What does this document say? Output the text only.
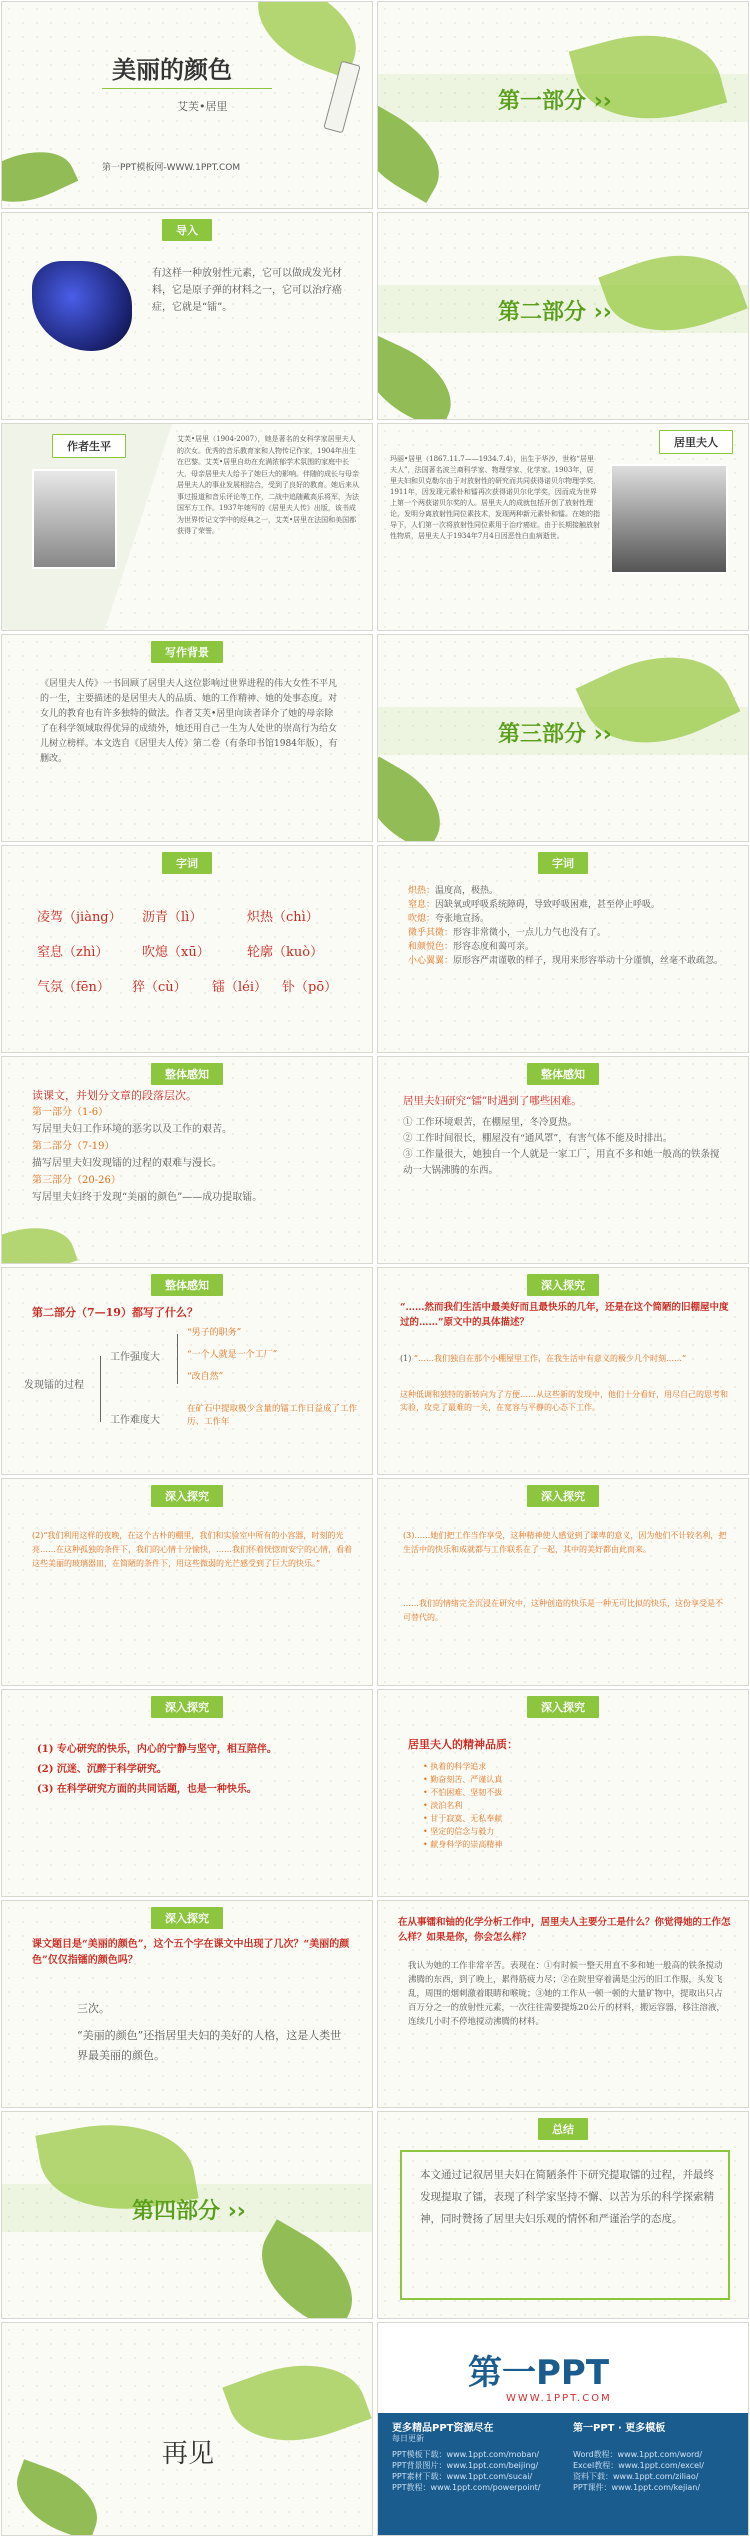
美丽的颜色
艾芙•居里
第一PPT模板网-WWW.1PPT.COM
第一部分 ››
导入
有这样一种放射性元素，它可以做成发光材料，它是原子弹的材料之一，它可以治疗癌症，它就是“镭”。	第二部分 ››
作者生平
艾芙•居里（1904-2007），她是著名的女科学家居里夫人的次女。优秀的音乐教育家和人物传记作家，1904年出生在巴黎。艾芙•居里自幼在充满浓郁学术氛围的家庭中长大，母亲居里夫人给予了她巨大的影响。伴随的成长与母亲居里夫人的事业发展相结合，受到了良好的教育。她后来从事过报道和音乐评论等工作，二战中追随戴高乐将军，为法国军方工作。1937年她写的《居里夫人传》出版，该书成为世界传记文学中的经典之一，艾芙•居里在法国和美国都获得了荣誉。
居里夫人
玛丽•居里（1867.11.7——1934.7.4），出生于华沙，世称“居里夫人”，法国著名波兰裔科学家、物理学家、化学家。1903年，居里夫妇和贝克勒尔由于对放射性的研究而共同获得诺贝尔物理学奖，1911年，因发现元素钋和镭再次获得诺贝尔化学奖，因而成为世界上第一个两获诺贝尔奖的人。居里夫人的成就包括开创了放射性理论，发明分离放射性同位素技术，发现两种新元素钋和镭。在她的指导下，人们第一次将放射性同位素用于治疗癌症。由于长期接触放射性物质，居里夫人于1934年7月4日因恶性白血病逝世。
写作背景
《居里夫人传》一书回顾了居里夫人这位影响过世界进程的伟大女性不平凡的一生，主要描述的是居里夫人的品质、她的工作精神、她的处事态度。对女儿的教育也有许多独特的做法。作者艾芙•居里向读者译介了她的母亲除了在科学领域取得优异的成绩外，她还用自己一生为人处世的崇高行为给女儿树立榜样。本文选自《居里夫人传》第二卷（有条印书馆1984年版），有删改。
第三部分 ››
字词
凌驾（jiàng） 沥青（lì）	炽热（chì）
窒息（zhì）	吹熄（xū）	轮廓（kuò）
气氛（fēn） 猝（cù） 镭（léi） 钋（pō）
字词
炽热：温度高，极热。
窒息：因缺氧或呼吸系统障碍，导致呼吸困难，甚至停止呼吸。
吹熄：夸张地宣扬。
微乎其微：形容非常微小，一点儿力气也没有了。
和颜悦色：形容态度和蔼可亲。
小心翼翼：原形容严肃谨敬的样子，现用来形容举动十分谨慎，丝毫不敢疏忽。
整体感知
读课文，并划分文章的段落层次。
第一部分（1-6）
写居里夫妇工作环境的恶劣以及工作的艰苦。
第二部分（7-19）
描写居里夫妇发现镭的过程的艰难与漫长。
第三部分（20-26）
写居里夫妇终于发现“美丽的颜色”——成功提取镭。
整体感知
居里夫妇研究“镭”时遇到了哪些困难。
① 工作环境艰苦，在棚屋里，冬冷夏热。
② 工作时间很长，棚屋没有“通风罩”，有害气体不能及时排出。
③ 工作量很大，她独自一个人就是一家工厂，用直不多和她一般高的铁条搅动一大锅沸腾的东西。
整体感知
第二部分（7—19）都写了什么？
发现镭的过程
工作强度大
工作难度大
“男子的职务”
“一个人就是一个工厂”
“改自然”
在矿石中提取极少含量的镭工作日益成了工作历、工作年
深入探究
“……然而我们生活中最美好而且最快乐的几年，还是在这个简陋的旧棚屋中度过的……”原文中的具体描述？
(1) “……我们独自在那个小棚屋里工作，在我生活中有意义的极少几个时刻……”
这种低调和独特的新转向为了方便……从这些新的发现中，他们十分看好，用尽自己的思考和实验，攻克了最难的一关，在宽容与平静的心态下工作。
深入探究
(2)“我们利用这样的夜晚，在这个古朴的棚里，我们和实验室中所有的小容器，时刻的光亮……在这种孤独的条件下，我们的心情十分愉快，……我们怀着恍惚而安宁的心情，看着这些美丽的玻璃器皿，在简陋的条件下，用这些微弱的光芒感受到了巨大的快乐。”
深入探究
(3)……她们把工作当作享受，这种精神使人感觉到了谦卑的意义，因为他们不计较名利，把生活中的快乐和成就都与工作联系在了一起，其中的美好都由此而来。
……我们的情绪完全沉浸在研究中，这种创造的快乐是一种无可比拟的快乐，这份享受是不可替代的。
深入探究
(1) 专心研究的快乐，内心的宁静与坚守，相互陪伴。
(2) 沉迷、沉醉于科学研究。
(3) 在科学研究方面的共同话题，也是一种快乐。
深入探究
居里夫人的精神品质：
• 执着的科学追求
• 勤奋刻苦、严谨认真
• 不怕困难、坚韧不拔
• 淡泊名利
• 甘于寂寞、无私奉献
• 坚定的信念与毅力
• 献身科学的崇高精神
深入探究
课文题目是“美丽的颜色”，这个五个字在课文中出现了几次？“美丽的颜色”仅仅指镭的颜色吗？
三次。
“美丽的颜色”还指居里夫妇的美好的人格，这是人类世界最美丽的颜色。
在从事镭和铀的化学分析工作中，居里夫人主要分工是什么？你觉得她的工作怎么样？如果是你，你会怎么样？
我认为她的工作非常辛苦。表现在：①有时候一整天用直不多和她一般高的铁条搅动沸腾的东西，到了晚上，累得筋疲力尽；②在院里穿着满是尘污的旧工作服，头发飞乱，周围的烟刺激着眼睛和喉咙；③她的工作从一顿一顿的大量矿物中，提取出只占百万分之一的放射性元素，一次往往需要提炼20公斤的材料，搬运容器，移注溶液，连续几小时不停地搅动沸腾的材料。
第四部分 ››
总结
本文通过记叙居里夫妇在简陋条件下研究提取镭的过程，并最终发现提取了镭，表现了科学家坚持不懈、以苦为乐的科学探索精神，同时赞扬了居里夫妇乐观的情怀和严谨治学的态度。
再见
第一PPT
WWW.1PPT.COM
更多精品PPT资源尽在
每日更新
第一PPT · 更多模板
PPT模板下载：www.1ppt.com/moban/
PPT背景图片：www.1ppt.com/beijing/
PPT素材下载：www.1ppt.com/sucai/
PPT教程：www.1ppt.com/powerpoint/
Word教程：www.1ppt.com/word/
Excel教程：www.1ppt.com/excel/
资料下载：www.1ppt.com/ziliao/
PPT课件：www.1ppt.com/kejian/
